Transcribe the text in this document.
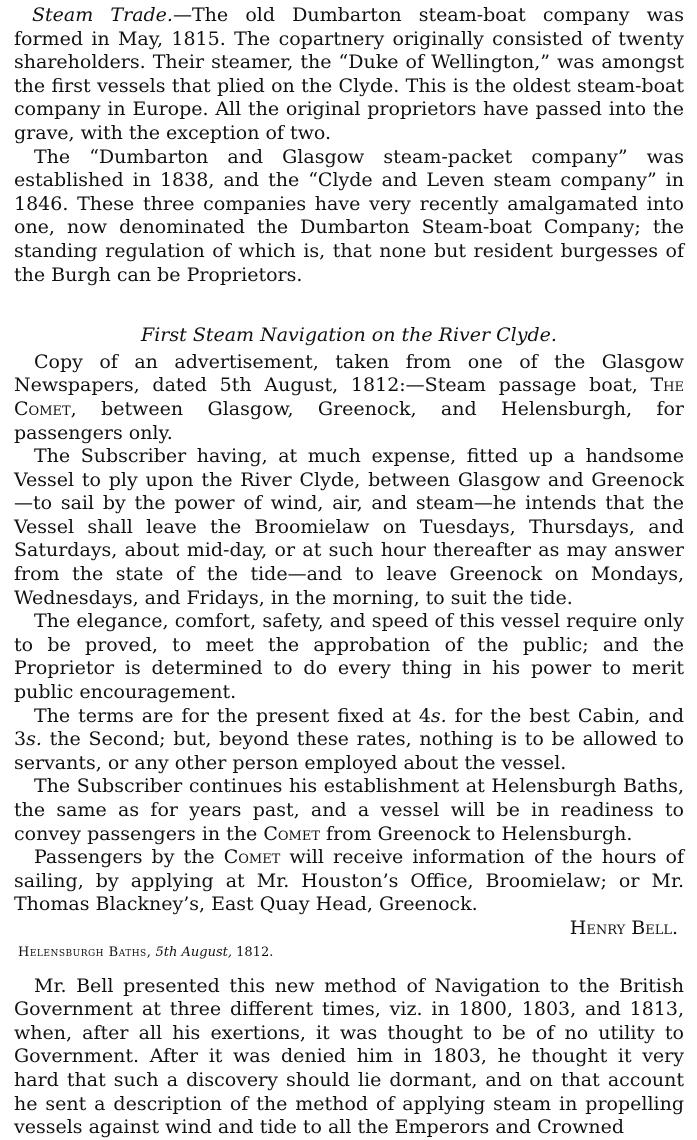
Steam Trade.—The old Dumbarton steam-boat company was formed in May, 1815. The copartnery originally consisted of twenty shareholders. Their steamer, the “Duke of Wellington,” was amongst the first vessels that plied on the Clyde. This is the oldest steam-boat company in Europe. All the original proprietors have passed into the grave, with the exception of two.

The “Dumbarton and Glasgow steam-packet company” was established in 1838, and the “Clyde and Leven steam company” in 1846. These three companies have very recently amalgamated into one, now denominated the Dumbarton Steam-boat Company; the standing regulation of which is, that none but resident burgesses of the Burgh can be Proprietors.

First Steam Navigation on the River Clyde.

Copy of an advertisement, taken from one of the Glasgow Newspapers, dated 5th August, 1812:—Steam passage boat, The Comet, between Glasgow, Greenock, and Helensburgh, for passengers only.

The Subscriber having, at much expense, fitted up a handsome Vessel to ply upon the River Clyde, between Glasgow and Greenock —to sail by the power of wind, air, and steam—he intends that the Vessel shall leave the Broomielaw on Tuesdays, Thursdays, and Saturdays, about mid-day, or at such hour thereafter as may answer from the state of the tide—and to leave Greenock on Mondays, Wednesdays, and Fridays, in the morning, to suit the tide.

The elegance, comfort, safety, and speed of this vessel require only to be proved, to meet the approbation of the public; and the Proprietor is determined to do every thing in his power to merit public encouragement.

The terms are for the present fixed at 4s. for the best Cabin, and 3s. the Second; but, beyond these rates, nothing is to be allowed to servants, or any other person employed about the vessel.

The Subscriber continues his establishment at Helensburgh Baths, the same as for years past, and a vessel will be in readiness to convey passengers in the Comet from Greenock to Helensburgh.

Passengers by the Comet will receive information of the hours of sailing, by applying at Mr. Houston’s Office, Broomielaw; or Mr. Thomas Blackney’s, East Quay Head, Greenock.

Henry Bell.

Helensburgh Baths, 5th August, 1812.

Mr. Bell presented this new method of Navigation to the British Government at three different times, viz. in 1800, 1803, and 1813, when, after all his exertions, it was thought to be of no utility to Government. After it was denied him in 1803, he thought it very hard that such a discovery should lie dormant, and on that account he sent a description of the method of applying steam in propelling vessels against wind and tide to all the Emperors and Crowned
